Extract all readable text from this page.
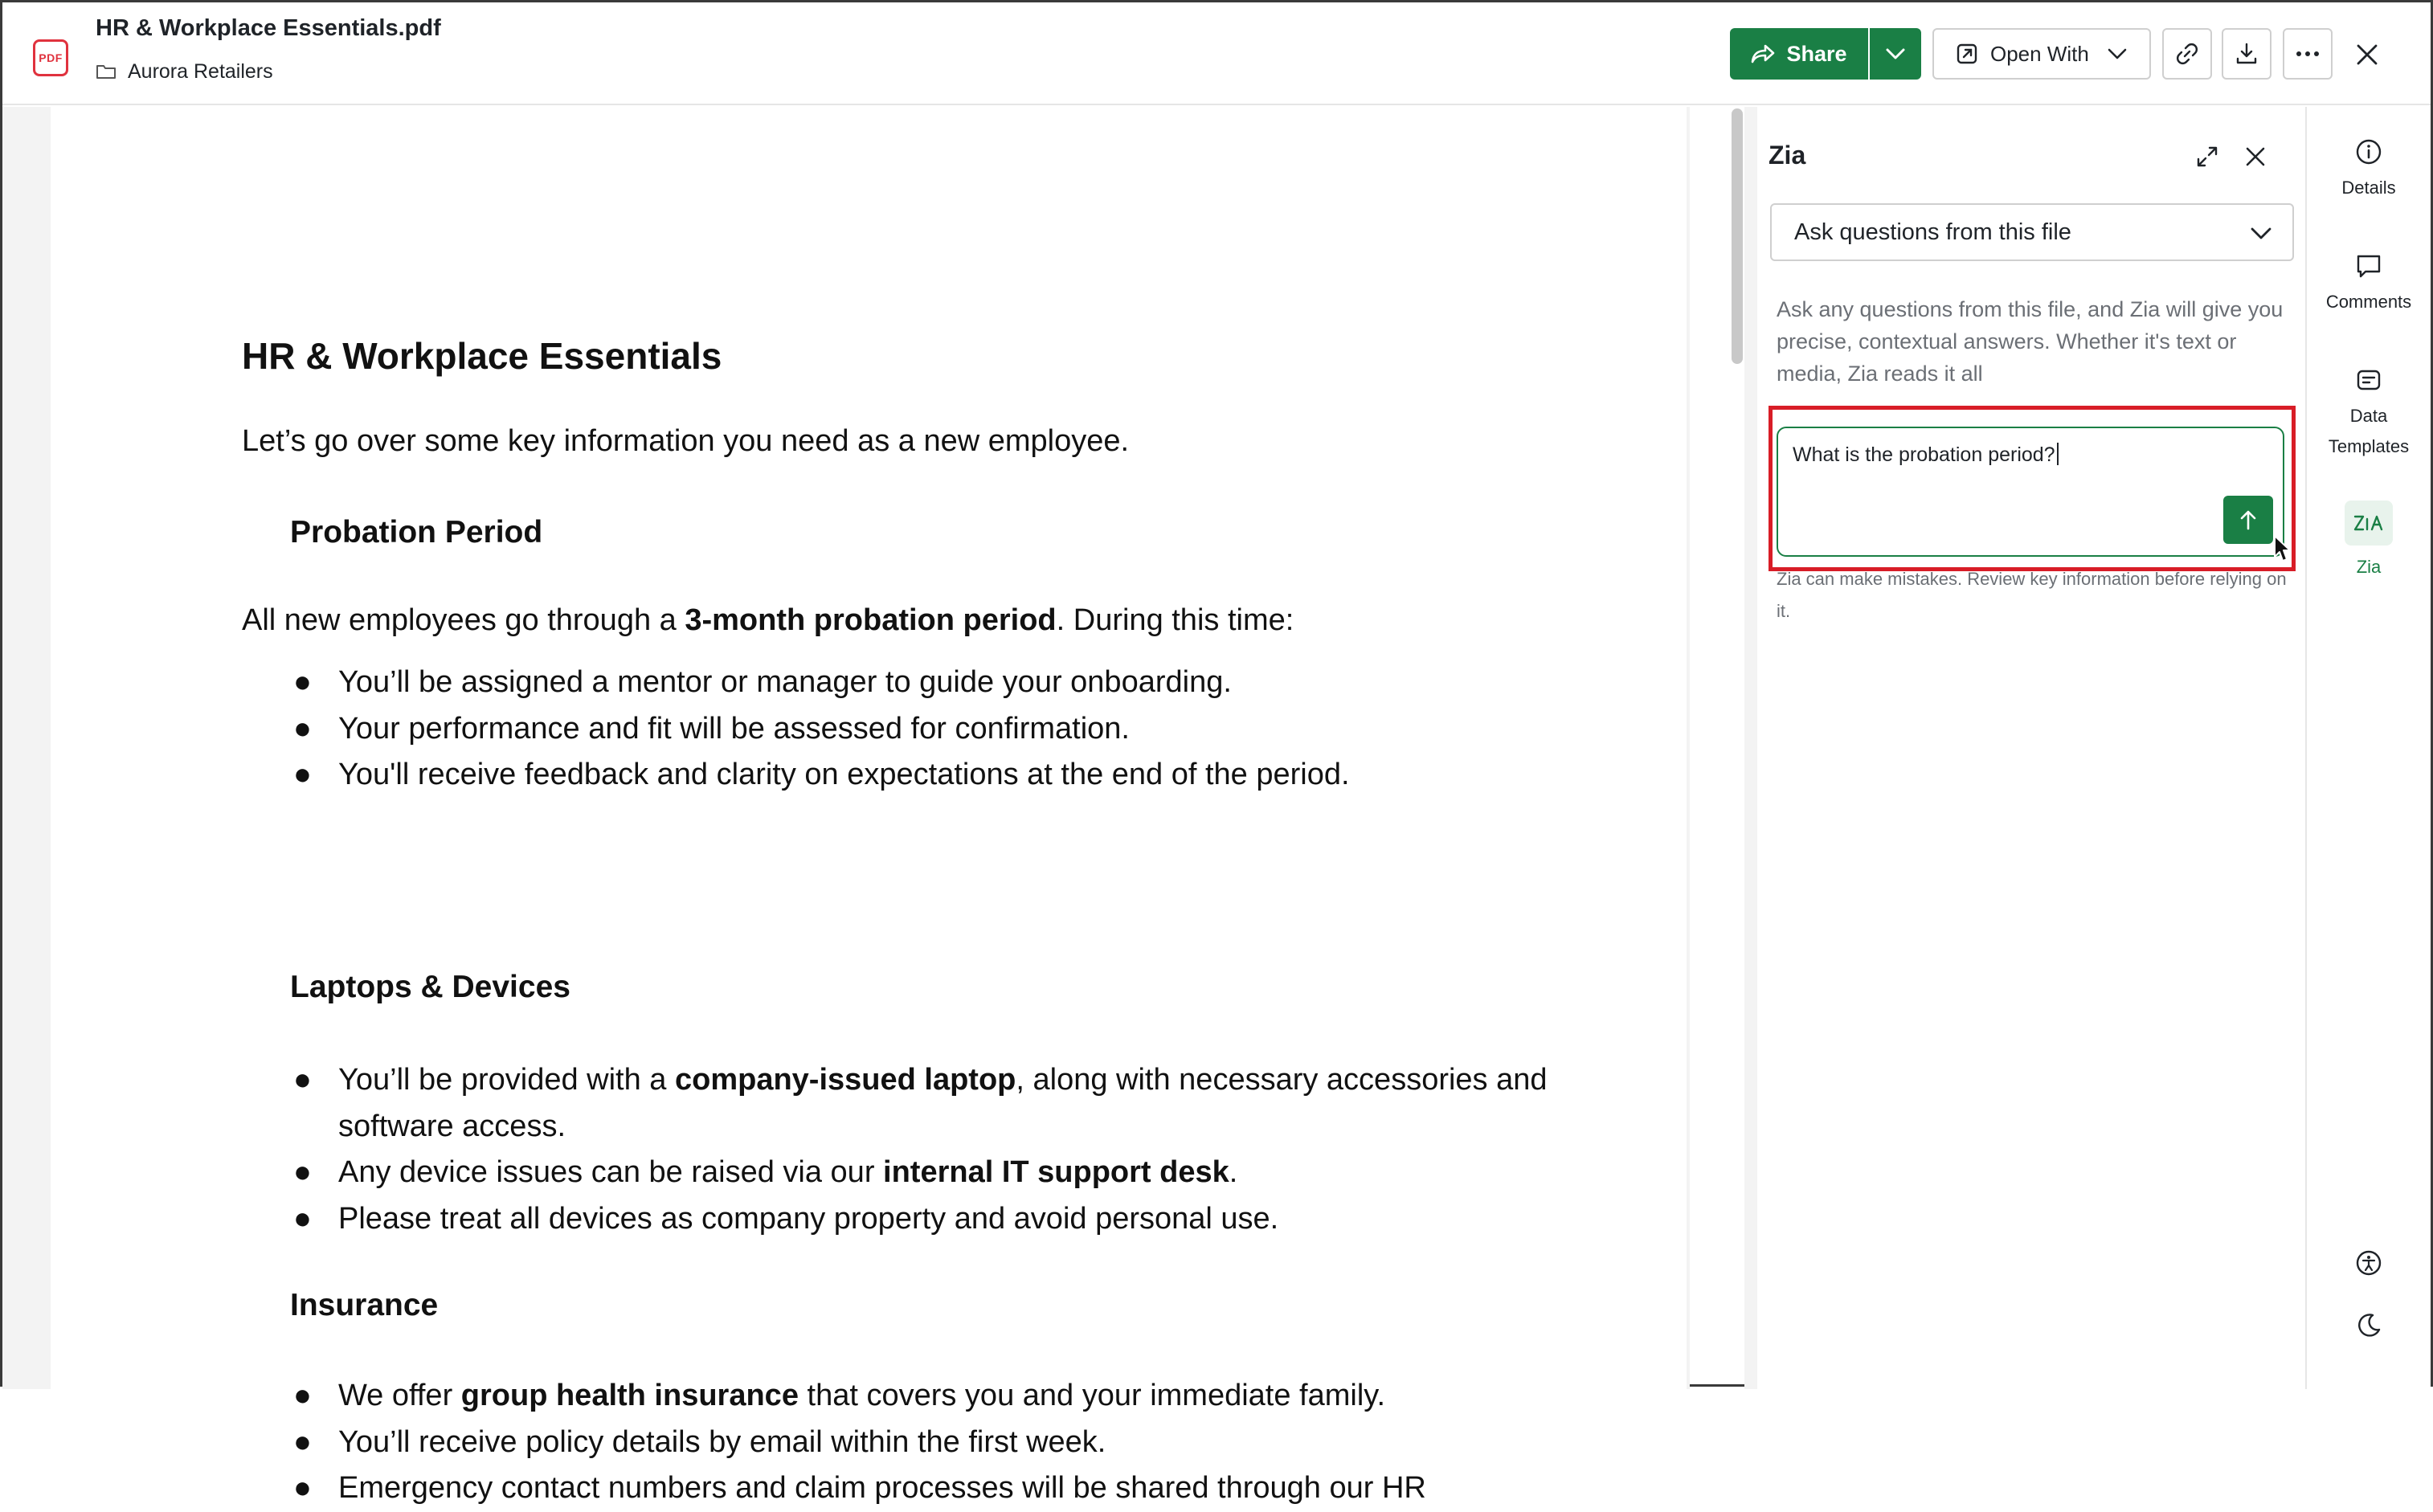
PDF
HR & Workplace Essentials.pdf
Aurora Retailers
Share	Open With
HR & Workplace Essentials

Let’s go over some key information you need as a new employee.

Probation Period

All new employees go through a 3-month probation period. During this time:

● You’ll be assigned a mentor or manager to guide your onboarding.
● Your performance and fit will be assessed for confirmation.
● You'll receive feedback and clarity on expectations at the end of the period.
Laptops & Devices
● You’ll be provided with a company-issued laptop, along with necessary accessories and software access.
● Any device issues can be raised via our internal IT support desk.
● Please treat all devices as company property and avoid personal use.
Insurance
● We offer group health insurance that covers you and your immediate family.
● You’ll receive policy details by email within the first week.
● Emergency contact numbers and claim processes will be shared through our HR
Zia
Ask questions from this file
Ask any questions from this file, and Zia will give you precise, contextual answers. Whether it's text or media, Zia reads it all
What is the probation period?
Zia can make mistakes. Review key information before relying on it.
Details
Comments
Data Templates
Zia
